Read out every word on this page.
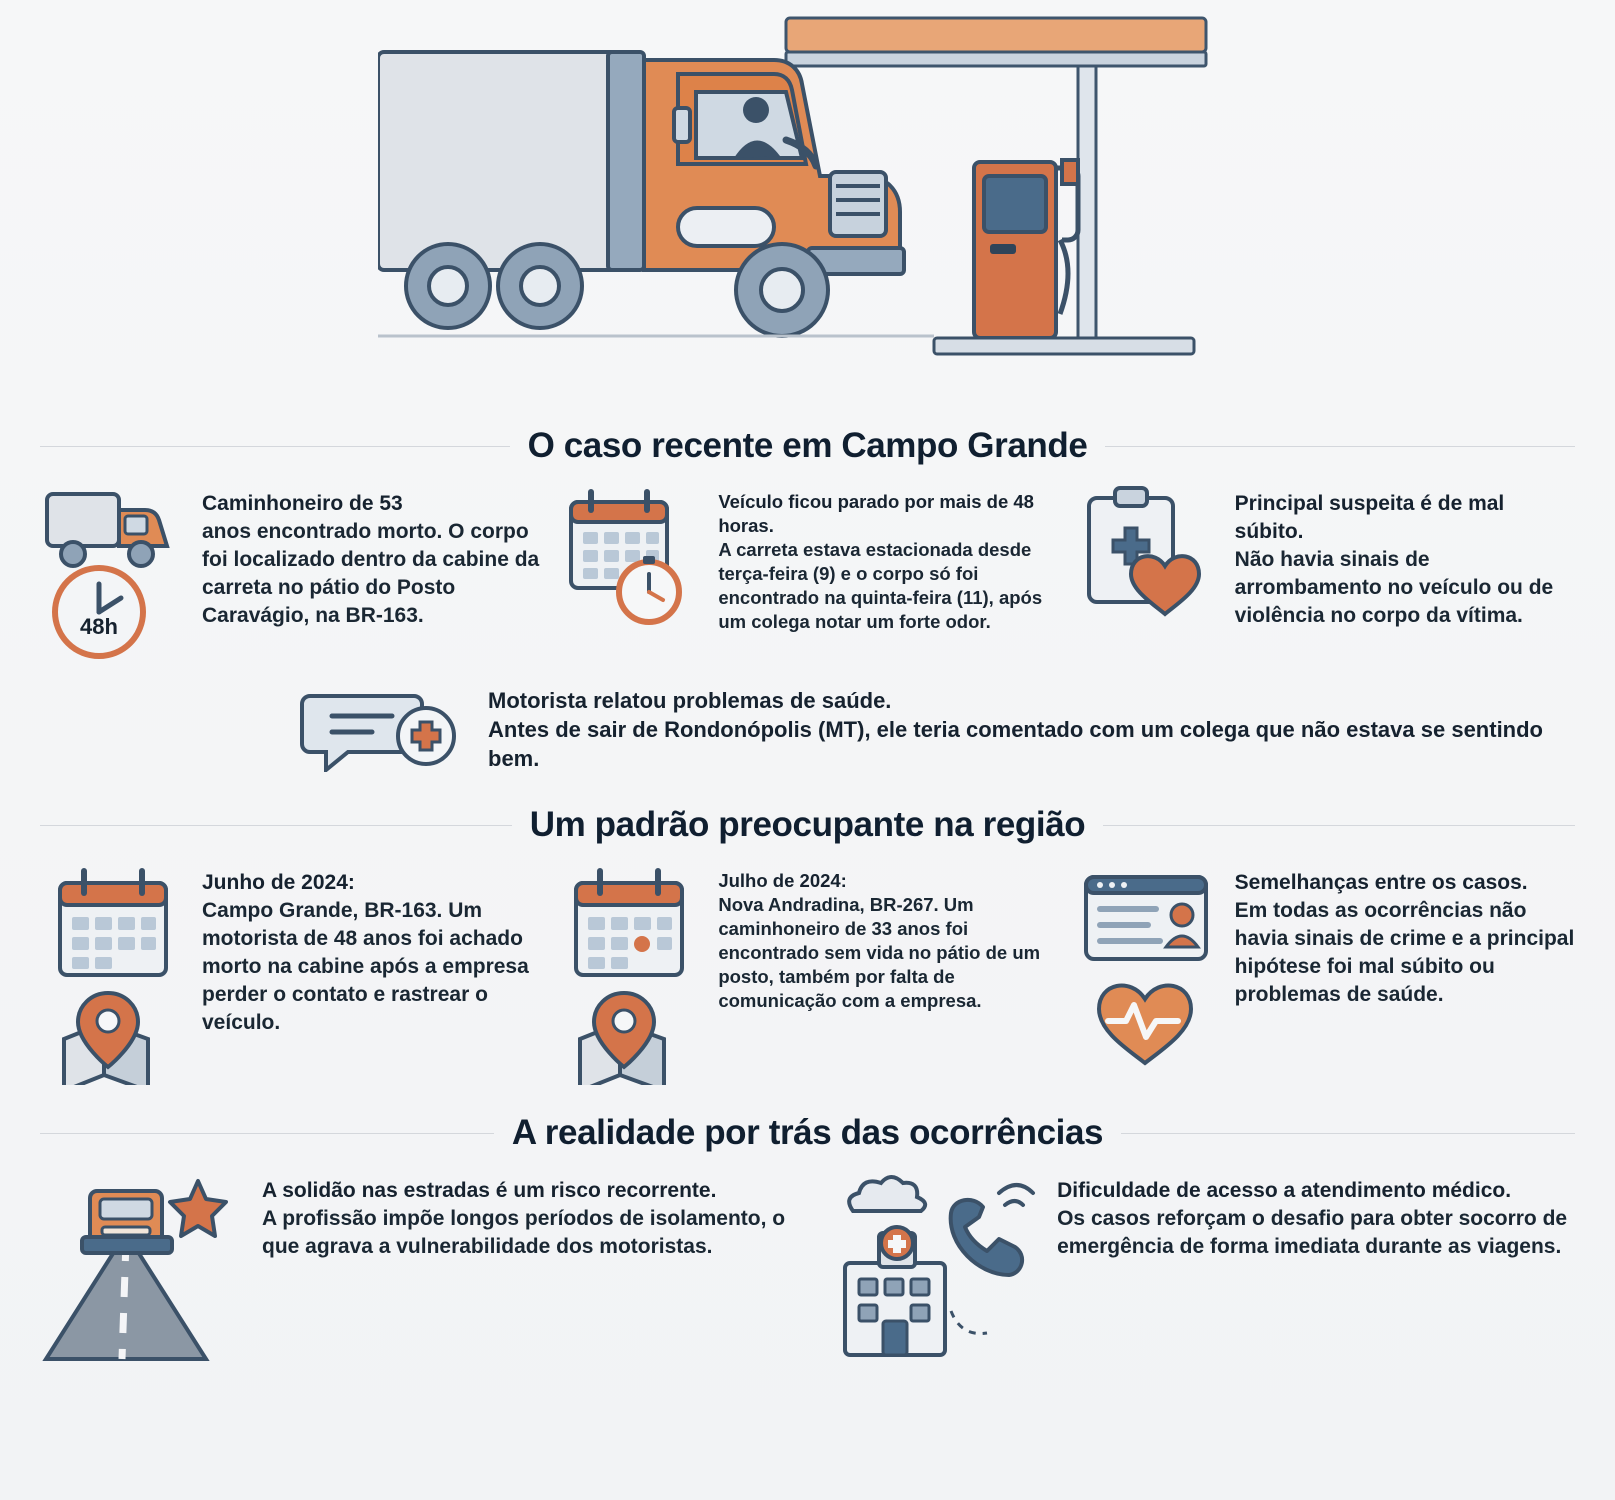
O caso recente em Campo Grande
48h

Caminhoneiro de 53

anos encontrado morto. O corpo foi localizado dentro da cabine da carreta no pátio do Posto Caravágio, na BR-163.

Veículo ficou parado por mais de 48 horas.

A carreta estava estacionada desde terça-feira (9) e o corpo só foi encontrado na quinta-feira (11), após um colega notar um forte odor.

Principal suspeita é de mal súbito.

Não havia sinais de arrombamento no veículo ou de violência no corpo da vítima.

Motorista relatou problemas de saúde.

Antes de sair de Rondonópolis (MT), ele teria comentado com um colega que não estava se sentindo bem.

Um padrão preocupante na região

Junho de 2024:

Campo Grande, BR-163. Um motorista de 48 anos foi achado morto na cabine após a empresa perder o contato e rastrear o veículo.

Julho de 2024:

Nova Andradina, BR-267. Um caminhoneiro de 33 anos foi encontrado sem vida no pátio de um posto, também por falta de comunicação com a empresa.

Semelhanças entre os casos.

Em todas as ocorrências não havia sinais de crime e a principal hipótese foi mal súbito ou problemas de saúde.

A realidade por trás das ocorrências

A solidão nas estradas é um risco recorrente.

A profissão impõe longos períodos de isolamento, o que agrava a vulnerabilidade dos motoristas.

Dificuldade de acesso a atendimento médico.

Os casos reforçam o desafio para obter socorro de emergência de forma imediata durante as viagens.
